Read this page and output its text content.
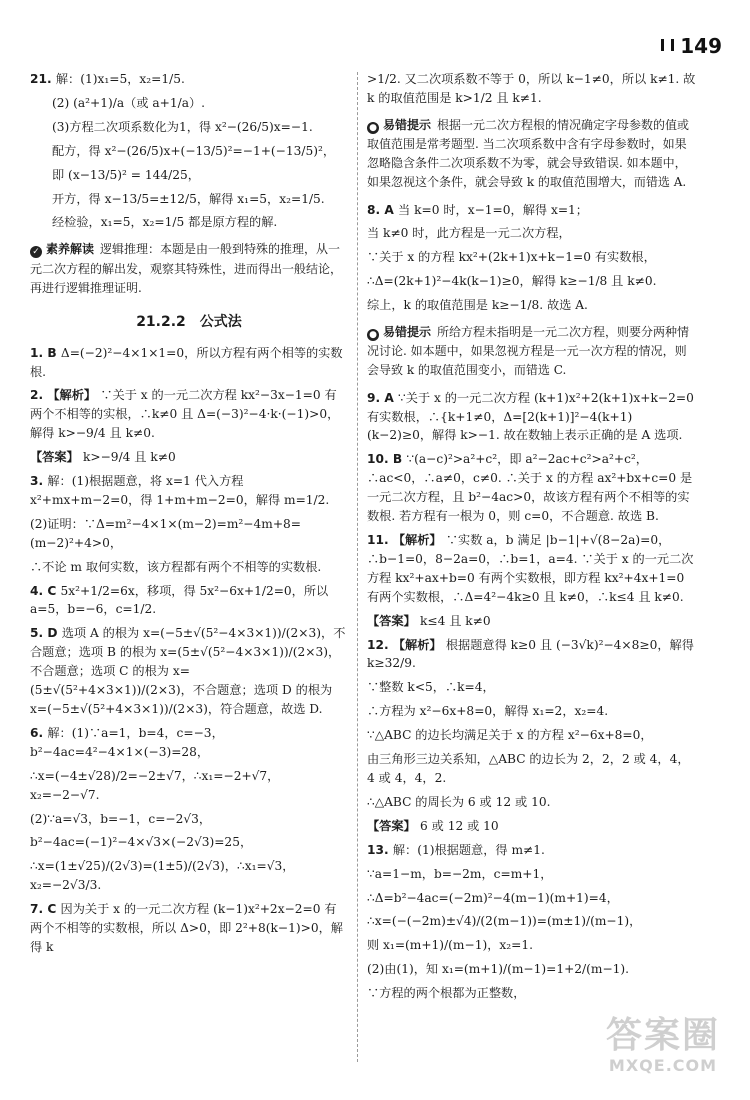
149
21. 解：(1)x₁=5，x₂=1/5.
(2) (a²+1)/a（或 a+1/a）.
(3)方程二次项系数化为1，得 x²−(26/5)x=−1.
配方，得 x²−(26/5)x+(−13/5)²=−1+(−13/5)²，
即 (x−13/5)² = 144/25，
开方，得 x−13/5=±12/5，解得 x₁=5，x₂=1/5.
经检验，x₁=5，x₂=1/5 都是原方程的解.
✓ 素养解读 逻辑推理：本题是由一般到特殊的推理，从一元二次方程的解出发，观察其特殊性，进而得出一般结论，再进行逻辑推理证明.
21.2.2　公式法
1. B Δ=(−2)²−4×1×1=0，所以方程有两个相等的实数根.
2. 【解析】 ∵关于 x 的一元二次方程 kx²−3x−1=0 有两个不相等的实根，∴k≠0 且 Δ=(−3)²−4·k·(−1)>0，解得 k>−9/4 且 k≠0.
【答案】 k>−9/4 且 k≠0
3. 解：(1)根据题意，将 x=1 代入方程 x²+mx+m−2=0，得 1+m+m−2=0，解得 m=1/2.
(2)证明：∵Δ=m²−4×1×(m−2)=m²−4m+8=(m−2)²+4>0，
∴不论 m 取何实数，该方程都有两个不相等的实数根.
4. C 5x²+1/2=6x，移项，得 5x²−6x+1/2=0，所以 a=5，b=−6，c=1/2.
5. D 选项 A 的根为 x=(−5±√(5²−4×3×1))/(2×3)，不合题意；选项 B 的根为 x=(5±√(5²−4×3×1))/(2×3)，不合题意；选项 C 的根为 x=(5±√(5²+4×3×1))/(2×3)，不合题意；选项 D 的根为 x=(−5±√(5²+4×3×1))/(2×3)，符合题意，故选 D.
6. 解：(1)∵a=1，b=4，c=−3，b²−4ac=4²−4×1×(−3)=28，
∴x=(−4±√28)/2=−2±√7，∴x₁=−2+√7，x₂=−2−√7.
(2)∵a=√3，b=−1，c=−2√3，
b²−4ac=(−1)²−4×√3×(−2√3)=25，
∴x=(1±√25)/(2√3)=(1±5)/(2√3)，∴x₁=√3，x₂=−2√3/3.
7. C 因为关于 x 的一元二次方程 (k−1)x²+2x−2=0 有两个不相等的实数根，所以 Δ>0，即 2²+8(k−1)>0，解得 k
>1/2. 又二次项系数不等于 0，所以 k−1≠0，所以 k≠1. 故 k 的取值范围是 k>1/2 且 k≠1.
● 易错提示 根据一元二次方程根的情况确定字母参数的值或取值范围是常考题型. 当二次项系数中含有字母参数时，如果忽略隐含条件二次项系数不为零，就会导致错误. 如本题中，如果忽视这个条件，就会导致 k 的取值范围增大，而错选 A.
8. A 当 k=0 时，x−1=0，解得 x=1；
当 k≠0 时，此方程是一元二次方程，
∵关于 x 的方程 kx²+(2k+1)x+k−1=0 有实数根，
∴Δ=(2k+1)²−4k(k−1)≥0，解得 k≥−1/8 且 k≠0.
综上，k 的取值范围是 k≥−1/8. 故选 A.
● 易错提示 所给方程未指明是一元二次方程，则要分两种情况讨论. 如本题中，如果忽视方程是一元一次方程的情况，则会导致 k 的取值范围变小，而错选 C.
9. A ∵关于 x 的一元二次方程 (k+1)x²+2(k+1)x+k−2=0 有实数根，∴{k+1≠0，Δ=[2(k+1)]²−4(k+1)(k−2)≥0，解得 k>−1. 故在数轴上表示正确的是 A 选项.
10. B ∵(a−c)²>a²+c²，即 a²−2ac+c²>a²+c²，∴ac<0，∴a≠0，c≠0. ∴关于 x 的方程 ax²+bx+c=0 是一元二次方程，且 b²−4ac>0，故该方程有两个不相等的实数根. 若方程有一根为 0，则 c=0，不合题意. 故选 B.
11. 【解析】 ∵实数 a，b 满足 |b−1|+√(8−2a)=0，∴b−1=0，8−2a=0，∴b=1，a=4. ∵关于 x 的一元二次方程 kx²+ax+b=0 有两个实数根，即方程 kx²+4x+1=0 有两个实数根，∴Δ=4²−4k≥0 且 k≠0，∴k≤4 且 k≠0.
【答案】 k≤4 且 k≠0
12. 【解析】 根据题意得 k≥0 且 (−3√k)²−4×8≥0，解得 k≥32/9.
∵整数 k<5，∴k=4，
∴方程为 x²−6x+8=0，解得 x₁=2，x₂=4.
∵△ABC 的边长均满足关于 x 的方程 x²−6x+8=0，
由三角形三边关系知，△ABC 的边长为 2，2，2 或 4，4，4 或 4，4，2.
∴△ABC 的周长为 6 或 12 或 10.
【答案】 6 或 12 或 10
13. 解：(1)根据题意，得 m≠1.
∵a=1−m，b=−2m，c=m+1，
∴Δ=b²−4ac=(−2m)²−4(m−1)(m+1)=4，
∴x=(−(−2m)±√4)/(2(m−1))=(m±1)/(m−1)，
则 x₁=(m+1)/(m−1)，x₂=1.
(2)由(1)，知 x₁=(m+1)/(m−1)=1+2/(m−1).
∵方程的两个根都为正整数，
答案圈
MXQE.COM
